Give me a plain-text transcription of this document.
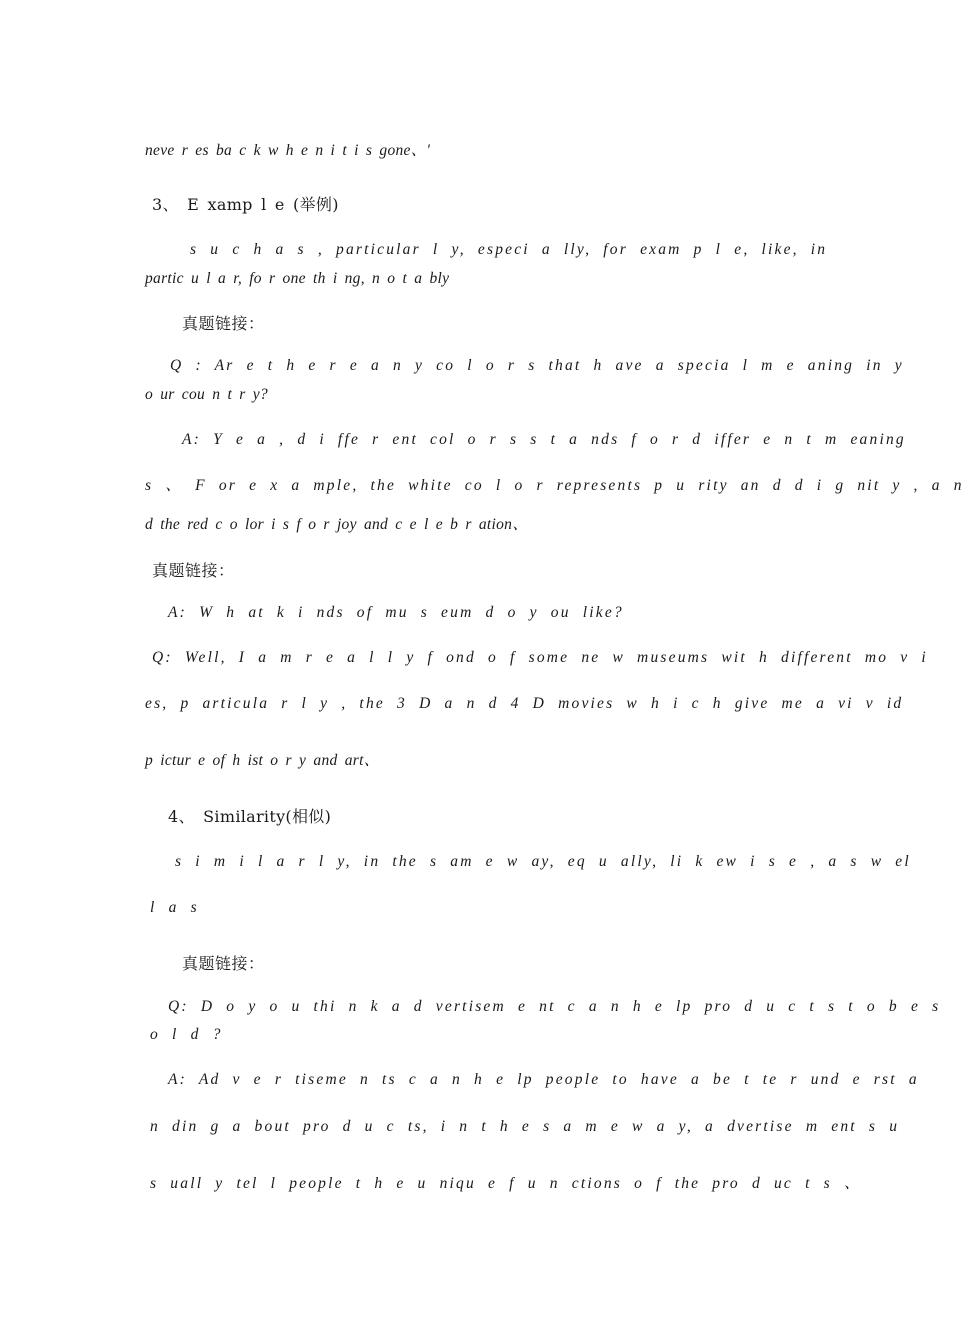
neve r es ba c k w h e n i t i s gone、'
3、 E xamp l e (举例)
s u c h a s , particular l y, especi a lly, for exam p l e, like, in
partic u l a r, fo r one th i ng, n o t a bly
真题链接：
Q : Ar e t h e r e a n y co l o r s that h ave a specia l m e aning in y
o ur cou n t r y?
A: Y e a , d i ffe r ent col o r s s t a nds f o r d iffer e n t m eaning
s 、 F or e x a mple, the white co l o r represents p u rity an d d i g nit y , a n
d the red c o lor i s f o r joy and c e l e b r ation、
真题链接：
A: W h at k i nds of mu s eum d o y ou like?
Q: Well, I a m r e a l l y f ond o f some ne w museums wit h different mo v i
es, p articula r l y , the 3 D a n d 4 D movies w h i c h give me a vi v id
p ictur e of h ist o r y and art、
4、 Similarity(相似)
s i m i l a r l y, in the s am e w ay, eq u ally, li k ew i s e , a s w el
l a s
真题链接：
Q: D o y o u thi n k a d vertisem e nt c a n h e lp pro d u c t s t o b e s
o l d ?
A: Ad v e r tiseme n ts c a n h e lp people to have a be t te r und e rst a
n din g a bout pro d u c ts, i n t h e s a m e w a y, a dvertise m ent s u
s uall y tel l people t h e u niqu e f u n ctions o f the pro d uc t s 、
